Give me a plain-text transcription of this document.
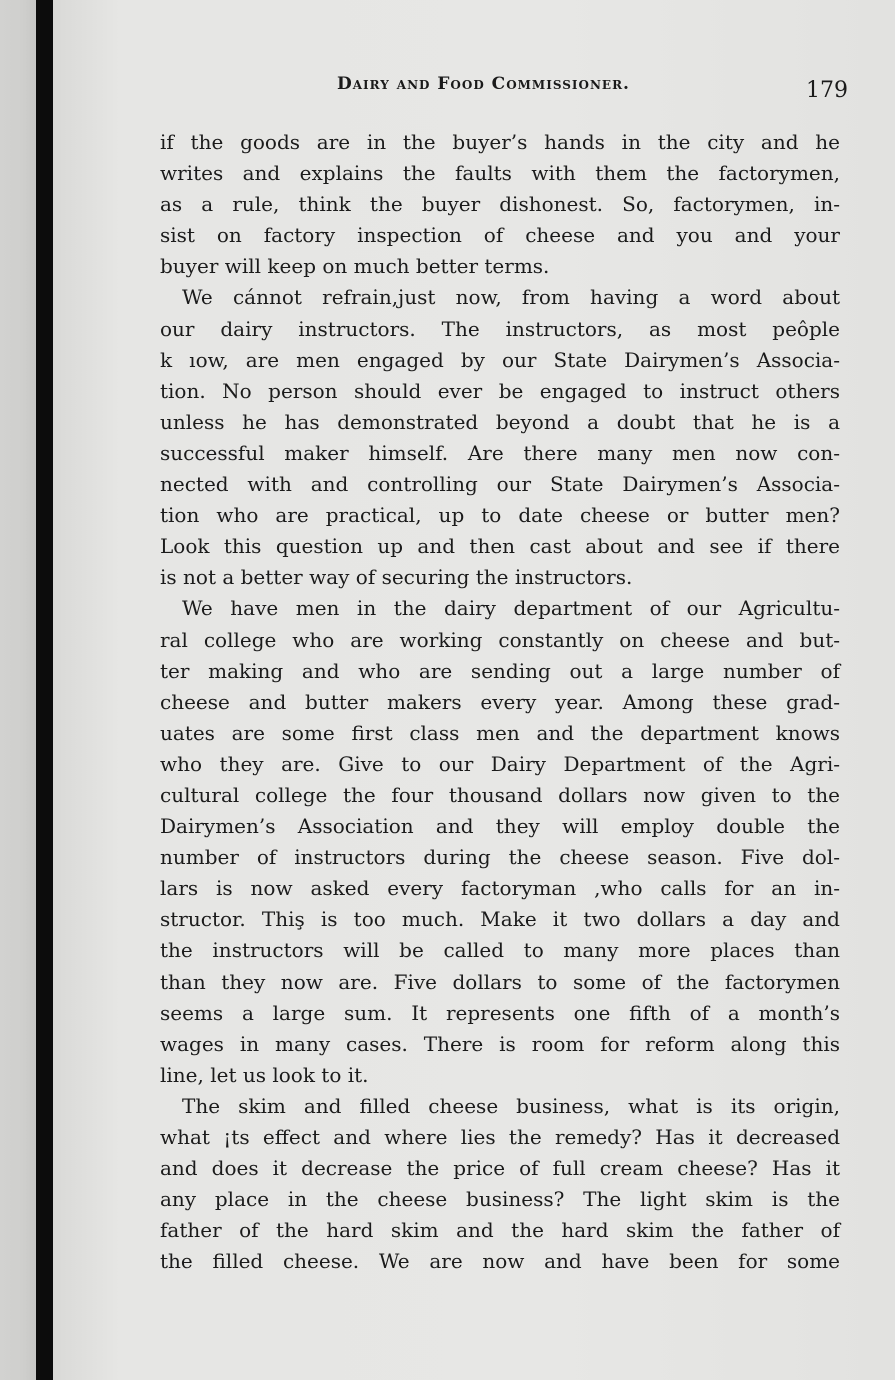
Dairy and Food Commissioner.	179
if the goods are in the buyer’s hands in the city and he
writes and explains the faults with them the factorymen,
as a rule, think the buyer dishonest. So, factorymen, in-
sist on factory inspection of cheese and you and your
buyer will keep on much better terms.
We cánnot refrain,just now, from having a word about
our dairy instructors. The instructors, as most peôple
k ıow, are men engaged by our State Dairymen’s Associa-
tion. No person should ever be engaged to instruct others
unless he has demonstrated beyond a doubt that he is a
successful maker himself. Are there many men now con-
nected with and controlling our State Dairymen’s Associa-
tion who are practical, up to date cheese or butter men?
Look this question up and then cast about and see if there
is not a better way of securing the instructors.
We have men in the dairy department of our Agricultu-
ral college who are working constantly on cheese and but-
ter making and who are sending out a large number of
cheese and butter makers every year. Among these grad-
uates are some first class men and the department knows
who they are. Give to our Dairy Department of the Agri-
cultural college the four thousand dollars now given to the
Dairymen’s Association and they will employ double the
number of instructors during the cheese season. Five dol-
lars is now asked every factoryman ,who calls for an in-
structor. Thiş is too much. Make it two dollars a day and
the instructors will be called to many more places than
than they now are. Five dollars to some of the factorymen
seems a large sum. It represents one fifth of a month’s
wages in many cases. There is room for reform along this
line, let us look to it.
The skim and filled cheese business, what is its origin,
what ¡ts effect and where lies the remedy? Has it decreased
and does it decrease the price of full cream cheese? Has it
any place in the cheese business? The light skim is the
father of the hard skim and the hard skim the father of
the filled cheese. We are now and have been for some
